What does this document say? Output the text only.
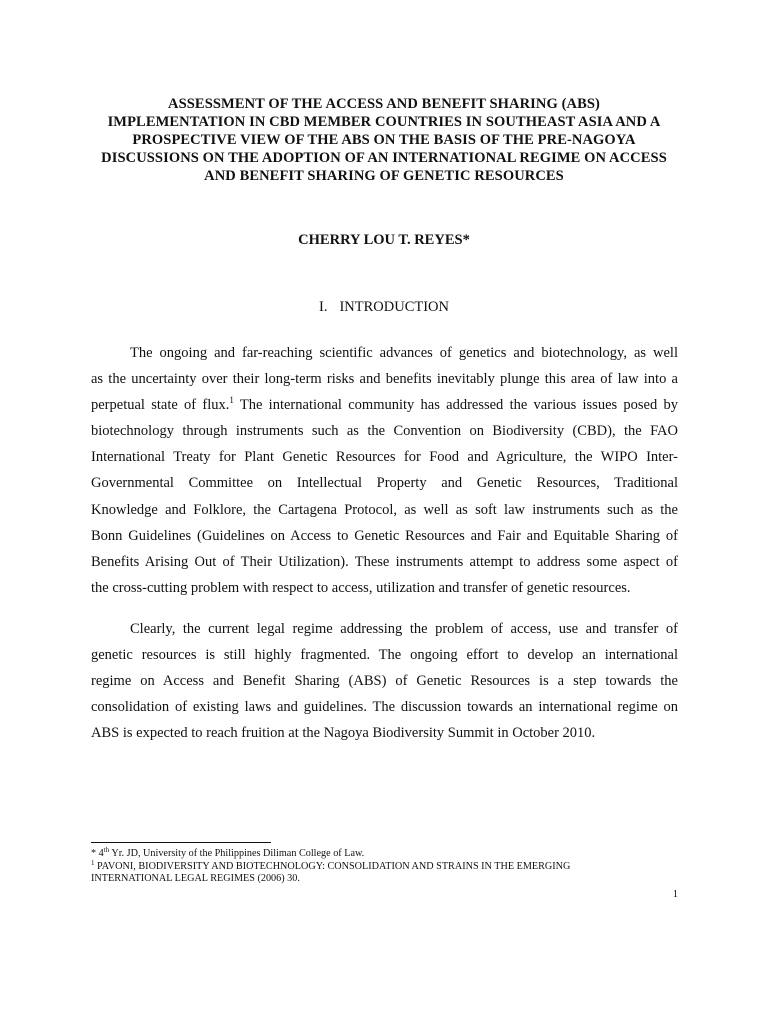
ASSESSMENT OF THE ACCESS AND BENEFIT SHARING (ABS)
IMPLEMENTATION IN CBD MEMBER COUNTRIES IN SOUTHEAST ASIA AND A
PROSPECTIVE VIEW OF THE ABS ON THE BASIS OF THE PRE-NAGOYA
DISCUSSIONS ON THE ADOPTION OF AN INTERNATIONAL REGIME ON ACCESS
AND BENEFIT SHARING OF GENETIC RESOURCES
CHERRY LOU T. REYES*
I. INTRODUCTION
The ongoing and far-reaching scientific advances of genetics and biotechnology, as well
as the uncertainty over their long-term risks and benefits inevitably plunge this area of law into a
perpetual state of flux.$^1$ The international community has addressed the various issues posed by
biotechnology through instruments such as the Convention on Biodiversity (CBD), the FAO
International Treaty for Plant Genetic Resources for Food and Agriculture, the WIPO Inter-
Governmental Committee on Intellectual Property and Genetic Resources, Traditional
Knowledge and Folklore, the Cartagena Protocol, as well as soft law instruments such as the
Bonn Guidelines (Guidelines on Access to Genetic Resources and Fair and Equitable Sharing of
Benefits Arising Out of Their Utilization). These instruments attempt to address some aspect of
the cross-cutting problem with respect to access, utilization and transfer of genetic resources.
Clearly, the current legal regime addressing the problem of access, use and transfer of
genetic resources is still highly fragmented. The ongoing effort to develop an international
regime on Access and Benefit Sharing (ABS) of Genetic Resources is a step towards the
consolidation of existing laws and guidelines. The discussion towards an international regime on
ABS is expected to reach fruition at the Nagoya Biodiversity Summit in October 2010.
* 4th Yr. JD, University of the Philippines Diliman College of Law.
$^1$ PAVONI, BIODIVERSITY AND BIOTECHNOLOGY: CONSOLIDATION AND STRAINS IN THE EMERGING
INTERNATIONAL LEGAL REGIMES (2006) 30.
1
